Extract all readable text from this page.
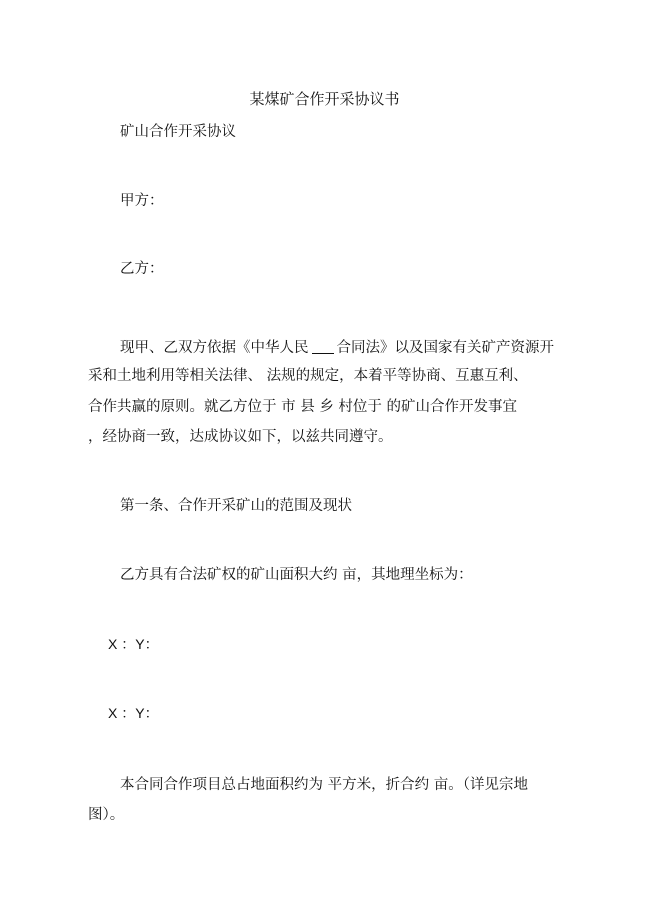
某煤矿合作开采协议书

矿山合作开采协议

甲方：

乙方：

现甲、乙双方依据《中华人民 合同法》以及国家有关矿产资源开

采和土地利用等相关法律、 法规的规定，本着平等协商、互惠互利、

合作共赢的原则。就乙方位于 市 县 乡 村位于 的矿山合作开发事宜

，经协商一致，达成协议如下，以兹共同遵守。

第一条、合作开采矿山的范围及现状

乙方具有合法矿权的矿山面积大约 亩，其地理坐标为：

X ：Y：

X ：Y：

本合同合作项目总占地面积约为 平方米，折合约 亩。（详见宗地

图）。
